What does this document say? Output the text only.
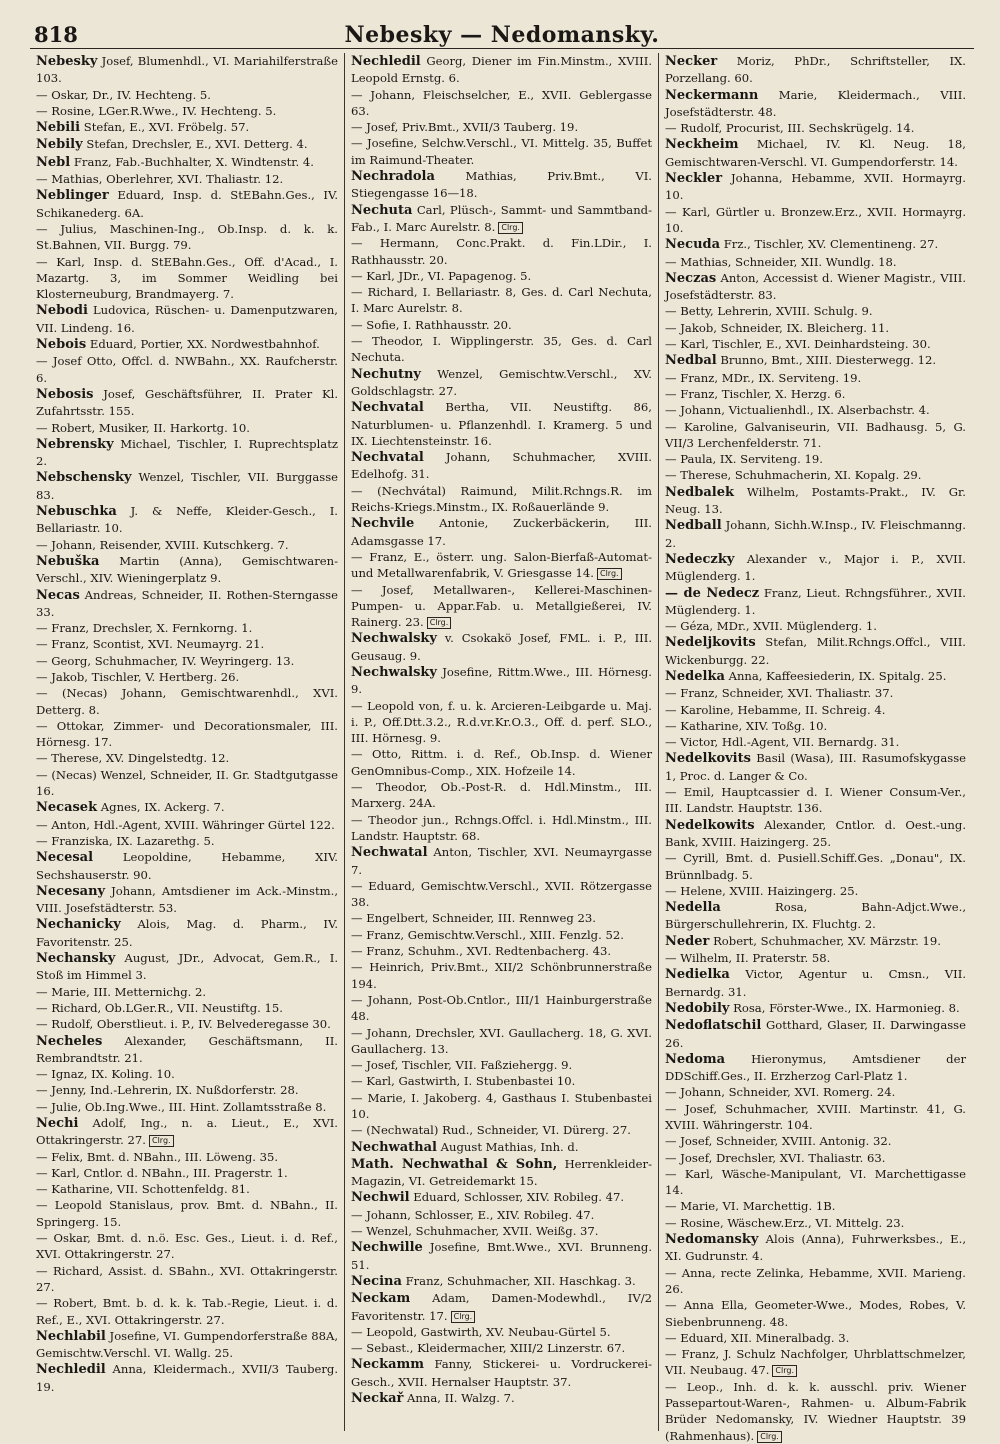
818	Nebesky — Nedomansky.

Nebesky Josef, Blumenhdl., VI. Mariahilferstraße 103.

— Oskar, Dr., IV. Hechteng. 5.

— Rosine, LGer.R.Wwe., IV. Hechteng. 5.

Nebili Stefan, E., XVI. Fröbelg. 57.

Nebily Stefan, Drechsler, E., XVI. Detterg. 4.

Nebl Franz, Fab.-Buchhalter, X. Windtenstr. 4.

— Mathias, Oberlehrer, XVI. Thaliastr. 12.

Neblinger Eduard, Insp. d. StEBahn.Ges., IV. Schikanederg. 6A.

— Julius, Maschinen-Ing., Ob.Insp. d. k. k. St.Bahnen, VII. Burgg. 79.

— Karl, Insp. d. StEBahn.Ges., Off. d'Acad., I. Mazartg. 3, im Sommer Weidling bei Klosterneuburg, Brandmayerg. 7.

Nebodi Ludovica, Rüschen- u. Damenputzwaren, VII. Lindeng. 16.

Nebois Eduard, Portier, XX. Nordwestbahnhof.

— Josef Otto, Offcl. d. NWBahn., XX. Raufcherstr. 6.

Nebosis Josef, Geschäftsführer, II. Prater Kl. Zufahrtsstr. 155.

— Robert, Musiker, II. Harkortg. 10.

Nebrensky Michael, Tischler, I. Ruprechtsplatz 2.

Nebschensky Wenzel, Tischler, VII. Burggasse 83.

Nebuschka J. & Neffe, Kleider-Gesch., I. Bellariastr. 10.

— Johann, Reisender, XVIII. Kutschkerg. 7.

Nebuška Martin (Anna), Gemischtwaren-Verschl., XIV. Wieningerplatz 9.

Necas Andreas, Schneider, II. Rothen-Sterngasse 33.

— Franz, Drechsler, X. Fernkorng. 1.

— Franz, Scontist, XVI. Neumayrg. 21.

— Georg, Schuhmacher, IV. Weyringerg. 13.

— Jakob, Tischler, V. Hertberg. 26.

— (Necas) Johann, Gemischtwarenhdl., XVI. Detterg. 8.

— Ottokar, Zimmer- und Decorationsmaler, III. Hörnesg. 17.

— Therese, XV. Dingelstedtg. 12.

— (Necas) Wenzel, Schneider, II. Gr. Stadtgutgasse 16.

Necasek Agnes, IX. Ackerg. 7.

— Anton, Hdl.-Agent, XVIII. Währinger Gürtel 122.

— Franziska, IX. Lazarethg. 5.

Necesal	Leopoldine, Hebamme, XIV. Sechshauserstr. 90.

Necesany Johann, Amtsdiener im Ack.-Minstm., VIII. Josefstädterstr. 53.

Nechanicky Alois, Mag. d. Pharm., IV. Favoritenstr. 25.

Nechansky August, JDr., Advocat, Gem.R., I. Stoß im Himmel 3.

— Marie, III. Metternichg. 2.

— Richard, Ob.LGer.R., VII. Neustiftg. 15.

— Rudolf, Oberstlieut. i. P., IV. Belvederegasse 30.

Necheles Alexander, Geschäftsmann, II. Rembrandtstr. 21.

— Ignaz, IX. Koling. 10.

— Jenny, Ind.-Lehrerin, IX. Nußdorferstr. 28.

— Julie, Ob.Ing.Wwe., III. Hint. Zollamtsstraße 8.

Nechi Adolf, Ing., n. a. Lieut., E., XVI. Ottakringerstr. 27. Clrg.

— Felix, Bmt. d. NBahn., III. Löweng. 35.

— Karl, Cntlor. d. NBahn., III. Pragerstr. 1.

— Katharine, VII. Schottenfeldg. 81.

— Leopold Stanislaus, prov. Bmt. d. NBahn., II. Springerg. 15.

— Oskar, Bmt. d. n.ö. Esc. Ges., Lieut. i. d. Ref., XVI. Ottakringerstr. 27.

— Richard, Assist. d. SBahn., XVI. Ottakringerstr. 27.

— Robert, Bmt. b. d. k. k. Tab.-Regie, Lieut. i. d. Ref., E., XVI. Ottakringerstr. 27.

Nechlabil Josefine, VI. Gumpendorferstraße 88A, Gemischtw.Verschl. VI. Wallg. 25.

Nechledil Anna, Kleidermach., XVII/3 Tauberg. 19.

Nechledil Georg, Diener im Fin.Minstm., XVIII. Leopold Ernstg. 6.

— Johann, Fleischselcher, E., XVII. Geblergasse 63.

— Josef, Priv.Bmt., XVII/3 Tauberg. 19.

— Josefine, Selchw.Verschl., VI. Mittelg. 35, Buffet im Raimund-Theater.

Nechradola	Mathias, Priv.Bmt., VI. Stiegengasse 16—18.

Nechuta Carl, Plüsch-, Sammt- und Sammtband-Fab., I. Marc Aurelstr. 8. Clrg.

— Hermann, Conc.Prakt. d. Fin.LDir., I. Rathhausstr. 20.

— Karl, JDr., VI. Papagenog. 5.

— Richard, I. Bellariastr. 8, Ges. d. Carl Nechuta, I. Marc Aurelstr. 8.

— Sofie, I. Rathhausstr. 20.

— Theodor, I. Wipplingerstr. 35, Ges. d. Carl Nechuta.

Nechutny Wenzel, Gemischtw.Verschl., XV. Goldschlagstr. 27.

Nechvatal Bertha, VII. Neustiftg. 86, Naturblumen- u. Pflanzenhdl. I. Kramerg. 5 und IX. Liechtensteinstr. 16.

Nechvatal Johann, Schuhmacher, XVIII. Edelhofg. 31.

— (Nechvátal) Raimund, Milit.Rchngs.R. im Reichs-Kriegs.Minstm., IX. Roßauerlände 9.

Nechvile Antonie, Zuckerbäckerin, III. Adamsgasse 17.

— Franz, E., österr. ung. Salon-Bierfaß-Automat- und Metallwarenfabrik, V. Griesgasse 14. Clrg.

— Josef, Metallwaren-, Kellerei-Maschinen-Pumpen- u. Appar.Fab. u. Metallgießerei, IV. Rainerg. 23. Clrg.

Nechwalsky v. Csokakö Josef, FML. i. P., III. Geusaug. 9.

Nechwalsky Josefine, Rittm.Wwe., III. Hörnesg. 9.

— Leopold von, f. u. k. Arcieren-Leibgarde u. Maj. i. P., Off.Dtt.3.2., R.d.vr.Kr.O.3., Off. d. perf. SLO., III. Hörnesg. 9.

— Otto, Rittm. i. d. Ref., Ob.Insp. d. Wiener GenOmnibus-Comp., XIX. Hofzeile 14.

— Theodor, Ob.-Post-R. d. Hdl.Minstm., III. Marxerg. 24A.

— Theodor jun., Rchngs.Offcl. i. Hdl.Minstm., III. Landstr. Hauptstr. 68.

Nechwatal Anton, Tischler, XVI. Neumayrgasse 7.

— Eduard, Gemischtw.Verschl., XVII. Rötzergasse 38.

— Engelbert, Schneider, III. Rennweg 23.

— Franz, Gemischtw.Verschl., XIII. Fenzlg. 52.

— Franz, Schuhm., XVI. Redtenbacherg. 43.

— Heinrich, Priv.Bmt., XII/2 Schönbrunnerstraße 194.

— Johann, Post-Ob.Cntlor., III/1 Hainburgerstraße 48.

— Johann, Drechsler, XVI. Gaullacherg. 18, G. XVI. Gaullacherg. 13.

— Josef, Tischler, VII. Faßziehergg. 9.

— Karl, Gastwirth, I. Stubenbastei 10.

— Marie, I. Jakoberg. 4, Gasthaus I. Stubenbastei 10.

— (Nechwatal) Rud., Schneider, VI. Dürerg. 27.

Nechwathal August Mathias, Inh. d.

Math. Nechwathal & Sohn, Herrenkleider-Magazin, VI. Getreidemarkt 15.

Nechwil Eduard, Schlosser, XIV. Robileg. 47.

— Johann, Schlosser, E., XIV. Robileg. 47.

— Wenzel, Schuhmacher, XVII. Weißg. 37.

Nechwille Josefine, Bmt.Wwe., XVI. Brunneng. 51.

Necina Franz, Schuhmacher, XII. Haschkag. 3.

Neckam Adam, Damen-Modewhdl., IV/2 Favoritenstr. 17. Clrg.

— Leopold, Gastwirth, XV. Neubau-Gürtel 5.

— Sebast., Kleidermacher, XIII/2 Linzerstr. 67.

Neckamm Fanny, Stickerei- u. Vordruckerei-Gesch., XVII. Hernalser Hauptstr. 37.

Neckař Anna, II. Walzg. 7.

Necker Moriz, PhDr., Schriftsteller, IX. Porzellang. 60.

Neckermann Marie, Kleidermach., VIII. Josefstädterstr. 48.

— Rudolf, Procurist, III. Sechskrügelg. 14.

Neckheim Michael, IV. Kl. Neug. 18, Gemischtwaren-Verschl. VI. Gumpendorferstr. 14.

Neckler Johanna, Hebamme, XVII. Hormayrg. 10.

— Karl, Gürtler u. Bronzew.Erz., XVII. Hormayrg. 10.

Necuda Frz., Tischler, XV. Clementineng. 27.

— Mathias, Schneider, XII. Wundlg. 18.

Neczas Anton, Accessist d. Wiener Magistr., VIII. Josefstädterstr. 83.

— Betty, Lehrerin, XVIII. Schulg. 9.

— Jakob, Schneider, IX. Bleicherg. 11.

— Karl, Tischler, E., XVI. Deinhardsteing. 30.

Nedbal Brunno, Bmt., XIII. Diesterwegg. 12.

— Franz, MDr., IX. Serviteng. 19.

— Franz, Tischler, X. Herzg. 6.

— Johann, Victualienhdl., IX. Alserbachstr. 4.

— Karoline, Galvaniseurin, VII. Badhausg. 5, G. VII/3 Lerchenfelderstr. 71.

— Paula, IX. Serviteng. 19.

— Therese, Schuhmacherin, XI. Kopalg. 29.

Nedbalek Wilhelm, Postamts-Prakt., IV. Gr. Neug. 13.

Nedball Johann, Sichh.W.Insp., IV. Fleischmanng. 2.

Nedeczky Alexander v., Major i. P., XVII. Müglenderg. 1.

— de Nedecz Franz, Lieut. Rchngsführer., XVII. Müglenderg. 1.

— Géza, MDr., XVII. Müglenderg. 1.

Nedeljkovits Stefan, Milit.Rchngs.Offcl., VIII. Wickenburgg. 22.

Nedelka Anna, Kaffeesiederin, IX. Spitalg. 25.

— Franz, Schneider, XVI. Thaliastr. 37.

— Karoline, Hebamme, II. Schreig. 4.

— Katharine, XIV. Toßg. 10.

— Victor, Hdl.-Agent, VII. Bernardg. 31.

Nedelkovits Basil (Wasa), III. Rasumofskygasse 1, Proc. d. Langer & Co.

— Emil, Hauptcassier d. I. Wiener Consum-Ver., III. Landstr. Hauptstr. 136.

Nedelkowits Alexander, Cntlor. d. Oest.-ung. Bank, XVIII. Haizingerg. 25.

— Cyrill, Bmt. d. Pusiell.Schiff.Ges. „Donau", IX. Brünnlbadg. 5.

— Helene, XVIII. Haizingerg. 25.

Nedella	Rosa, Bahn-Adjct.Wwe., Bürgerschullehrerin, IX. Fluchtg. 2.

Neder Robert, Schuhmacher, XV. Märzstr. 19.

— Wilhelm, II. Praterstr. 58.

Nedielka Victor, Agentur u. Cmsn., VII. Bernardg. 31.

Nedobily Rosa, Förster-Wwe., IX. Harmonieg. 8.

Nedoflatschil Gotthard, Glaser, II. Darwingasse 26.

Nedoma Hieronymus, Amtsdiener der DDSchiff.Ges., II. Erzherzog Carl-Platz 1.

— Johann, Schneider, XVI. Romerg. 24.

— Josef, Schuhmacher, XVIII. Martinstr. 41, G. XVIII. Währingerstr. 104.

— Josef, Schneider, XVIII. Antonig. 32.

— Josef, Drechsler, XVI. Thaliastr. 63.

— Karl, Wäsche-Manipulant, VI. Marchettigasse 14.

— Marie, VI. Marchettig. 1B.

— Rosine, Wäschew.Erz., VI. Mittelg. 23.

Nedomansky Alois (Anna), Fuhrwerksbes., E., XI. Gudrunstr. 4.

— Anna, recte Zelinka, Hebamme, XVII. Marieng. 26.

— Anna Ella, Geometer-Wwe., Modes, Robes, V. Siebenbrunneng. 48.

— Eduard, XII. Mineralbadg. 3.

— Franz, J. Schulz Nachfolger, Uhrblattschmelzer, VII. Neubaug. 47. Clrg.

— Leop., Inh. d. k. k. ausschl. priv. Wiener Passepartout-Waren-, Rahmen- u. Album-Fabrik Brüder Nedomansky, IV. Wiedner Hauptstr. 39 (Rahmenhaus). Clrg.
